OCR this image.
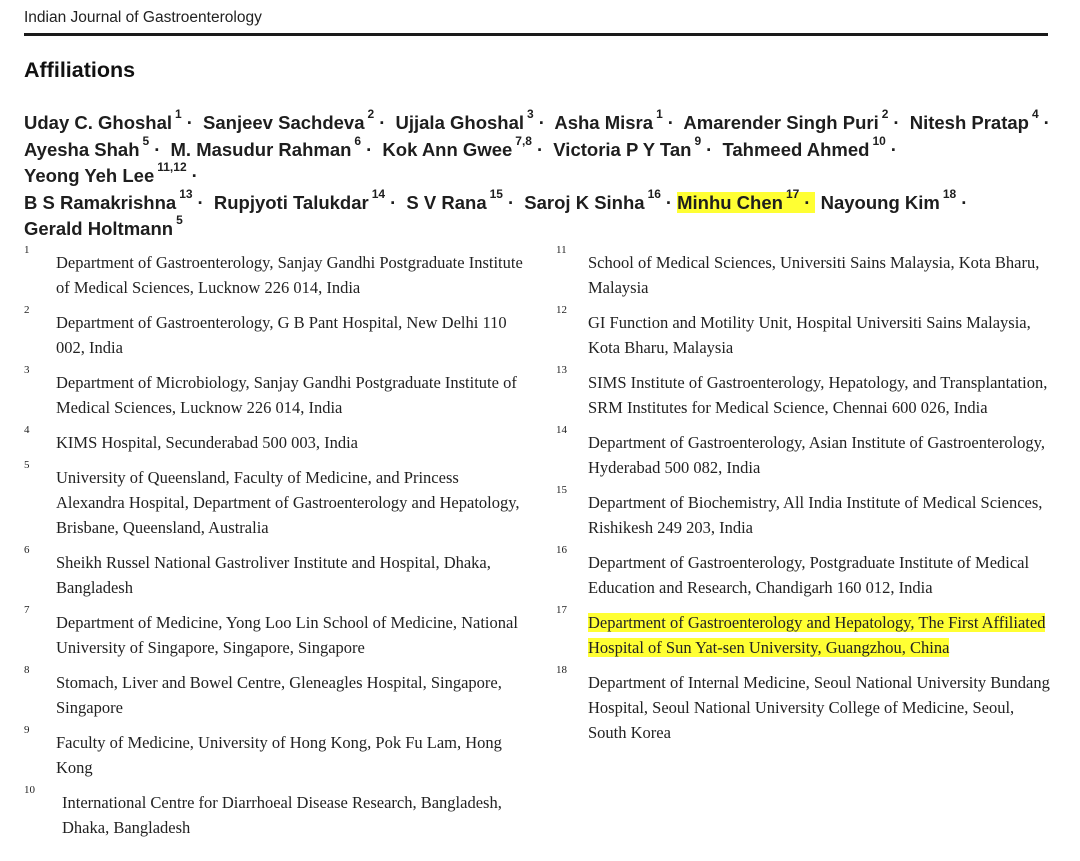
Indian Journal of Gastroenterology
Affiliations
Uday C. Ghoshal $^1$ · Sanjeev Sachdeva $^2$ · Ujjala Ghoshal $^3$ · Asha Misra $^1$ · Amarender Singh Puri $^2$ · Nitesh Pratap $^4$ ·
Ayesha Shah $^5$ · M. Masudur Rahman $^6$ · Kok Ann Gwee $^{7,8}$ · Victoria P Y Tan $^9$ · Tahmeed Ahmed $^{10}$ · Yeong Yeh Lee $^{11,12}$ ·
B S Ramakrishna $^{13}$ · Rupjyoti Talukdar $^{14}$ · S V Rana $^{15}$ · Saroj K Sinha $^{16}$ · Minhu Chen $^{17}$ · Nayoung Kim $^{18}$ ·
Gerald Holtmann $^5$
1
Department of Gastroenterology, Sanjay Gandhi Postgraduate Institute of Medical Sciences, Lucknow 226 014, India
2
Department of Gastroenterology, G B Pant Hospital, New Delhi 110 002, India
3
Department of Microbiology, Sanjay Gandhi Postgraduate Institute of Medical Sciences, Lucknow 226 014, India
4
KIMS Hospital, Secunderabad 500 003, India
5
University of Queensland, Faculty of Medicine, and Princess Alexandra Hospital, Department of Gastroenterology and Hepatology, Brisbane, Queensland, Australia
6
Sheikh Russel National Gastroliver Institute and Hospital, Dhaka, Bangladesh
7
Department of Medicine, Yong Loo Lin School of Medicine, National University of Singapore, Singapore, Singapore
8
Stomach, Liver and Bowel Centre, Gleneagles Hospital, Singapore, Singapore
9
Faculty of Medicine, University of Hong Kong, Pok Fu Lam, Hong Kong
10
International Centre for Diarrhoeal Disease Research, Bangladesh, Dhaka, Bangladesh
11
School of Medical Sciences, Universiti Sains Malaysia, Kota Bharu, Malaysia
12
GI Function and Motility Unit, Hospital Universiti Sains Malaysia, Kota Bharu, Malaysia
13
SIMS Institute of Gastroenterology, Hepatology, and Transplantation, SRM Institutes for Medical Science, Chennai 600 026, India
14
Department of Gastroenterology, Asian Institute of Gastroenterology, Hyderabad 500 082, India
15
Department of Biochemistry, All India Institute of Medical Sciences, Rishikesh 249 203, India
16
Department of Gastroenterology, Postgraduate Institute of Medical Education and Research, Chandigarh 160 012, India
17
Department of Gastroenterology and Hepatology, The First Affiliated Hospital of Sun Yat-sen University, Guangzhou, China
18
Department of Internal Medicine, Seoul National University Bundang Hospital, Seoul National University College of Medicine, Seoul, South Korea
